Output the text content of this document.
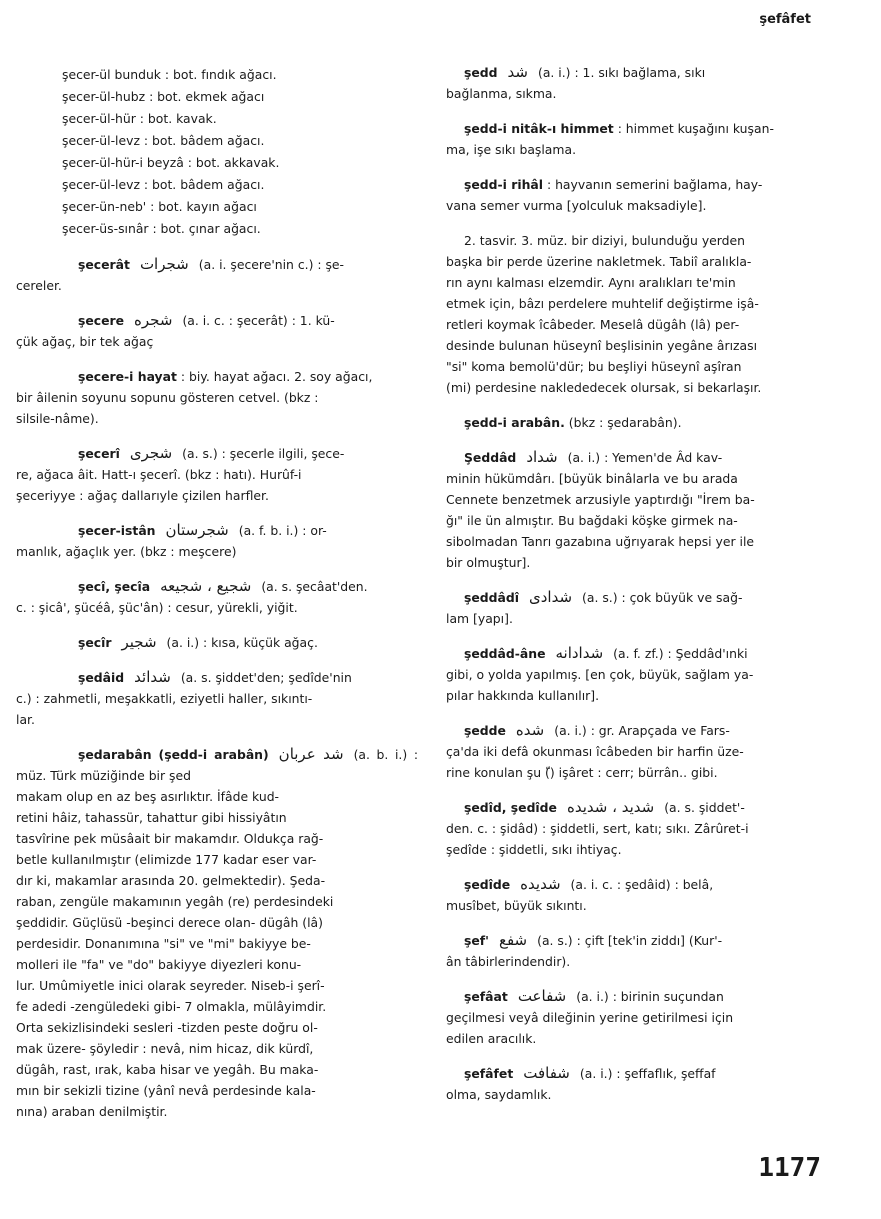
şefâfet

şecer-ül bunduk : bot. fındık ağacı.

şecer-ül-hubz : bot. ekmek ağacı

şecer-ül-hür : bot. kavak.

şecer-ül-levz : bot. bâdem ağacı.

şecer-ül-hür-i beyzâ : bot. akkavak.

şecer-ül-levz : bot. bâdem ağacı.

şecer-ün-neb' : bot. kayın ağacı

şecer-üs-sınâr : bot. çınar ağacı.

şecerât شجرات (a. i. şecere'nin c.) : şe-

cereler.

şecere شجره (a. i. c. : şecerât) : 1. kü-

çük ağaç, bir tek ağaç

şecere-i hayat : biy. hayat ağacı. 2. soy ağacı,

bir âilenin soyunu sopunu gösteren cetvel. (bkz :

silsile-nâme).

şecerî شجرى (a. s.) : şecerle ilgili, şece-

re, ağaca âit. Hatt-ı şecerî. (bkz : hatı). Hurûf-i

şeceriyye : ağaç dallarıyle çizilen harfler.

şecer-istân شجرستان (a. f. b. i.) : or-

manlık, ağaçlık yer. (bkz : meşcere)

şecî, şecîa شجيع ، شجيعه (a. s. şecâat'den.

c. : şicâ', şücéâ, şüc'ân) : cesur, yürekli, yiğit.

şecîr شجير (a. i.) : kısa, küçük ağaç.

şedâid شدائد (a. s. şiddet'den; şedîde'nin

c.) : zahmetli, meşakkatli, eziyetli haller, sıkıntı-

lar.

şedarabân (şedd-i arabân) شد عربان (a. b. i.) : müz. Türk müziğinde bir şed

makam olup en az beş asırlıktır. İfâde kud-

retini hâiz, tahassür, tahattur gibi hissiyâtın

tasvîrine pek müsâait bir makamdır. Oldukça rağ-

betle kullanılmıştır (elimizde 177 kadar eser var-

dır ki, makamlar arasında 20. gelmektedir). Şeda-

raban, zengüle makamının yegâh (re) perdesindeki

şeddidir. Güçlüsü -beşinci derece olan- dügâh (lâ)

perdesidir. Donanımına "si" ve "mi" bakiyye be-

molleri ile "fa" ve "do" bakiyye diyezleri konu-

lur. Umûmiyetle inici olarak seyreder. Niseb-i şerî-

fe adedi -zengüledeki gibi- 7 olmakla, mülâyimdir.

Orta sekizlisindeki sesleri -tizden peste doğru ol-

mak üzere- şöyledir : nevâ, nim hicaz, dik kürdî,

dügâh, rast, ırak, kaba hisar ve yegâh. Bu maka-

mın bir sekizli tizine (yânî nevâ perdesinde kala-

nına) araban denilmiştir.

şedd شد (a. i.) : 1. sıkı bağlama, sıkı

bağlanma, sıkma.

şedd-i nitâk-ı himmet : himmet kuşağını kuşan-

ma, işe sıkı başlama.

şedd-i rihâl : hayvanın semerini bağlama, hay-

vana semer vurma [yolculuk maksadiyle].

2. tasvir. 3. müz. bir diziyi, bulunduğu yerden

başka bir perde üzerine nakletmek. Tabiî aralıkla-

rın aynı kalması elzemdir. Aynı aralıkları te'min

etmek için, bâzı perdelere muhtelif değiştirme işâ-

retleri koymak îcâbeder. Meselâ dügâh (lâ) per-

desinde bulunan hüseynî beşlisinin yegâne ârızası

"si" koma bemolü'dür; bu beşliyi hüseynî aşîran

(mi) perdesine naklededecek olursak, si bekarlaşır.

şedd-i arabân. (bkz : şedarabân).

Şeddâd شداد (a. i.) : Yemen'de Âd kav-

minin hükümdârı. [büyük binâlarla ve bu arada

Cennete benzetmek arzusiyle yaptırdığı "İrem ba-

ğı" ile ün almıştır. Bu bağdaki köşke girmek na-

sibolmadan Tanrı gazabına uğrıyarak hepsi yer ile

bir olmuştur].

şeddâdî شدادى (a. s.) : çok büyük ve sağ-

lam [yapı].

şeddâd-âne شدادانه (a. f. zf.) : Şeddâd'ınki

gibi, o yolda yapılmış. [en çok, büyük, sağlam ya-

pılar hakkında kullanılır].

şedde شده (a. i.) : gr. Arapçada ve Fars-

ça'da iki defâ okunması îcâbeden bir harfin üze-

rine konulan şu (ّ) işâret : cerr; bürrân.. gibi.

şedîd, şedîde شديد ، شديده (a. s. şiddet'-

den. c. : şidâd) : şiddetli, sert, katı; sıkı. Zârûret-i

şedîde : şiddetli, sıkı ihtiyaç.

şedîde شديده (a. i. c. : şedâid) : belâ,

musîbet, büyük sıkıntı.

şef' شفع (a. s.) : çift [tek'in ziddı] (Kur'-

ân tâbirlerindendir).

şefâat شفاعت (a. i.) : birinin suçundan

geçilmesi veyâ dileğinin yerine getirilmesi için

edilen aracılık.

şefâfet شفافت (a. i.) : şeffaflık, şeffaf

olma, saydamlık.

1177
